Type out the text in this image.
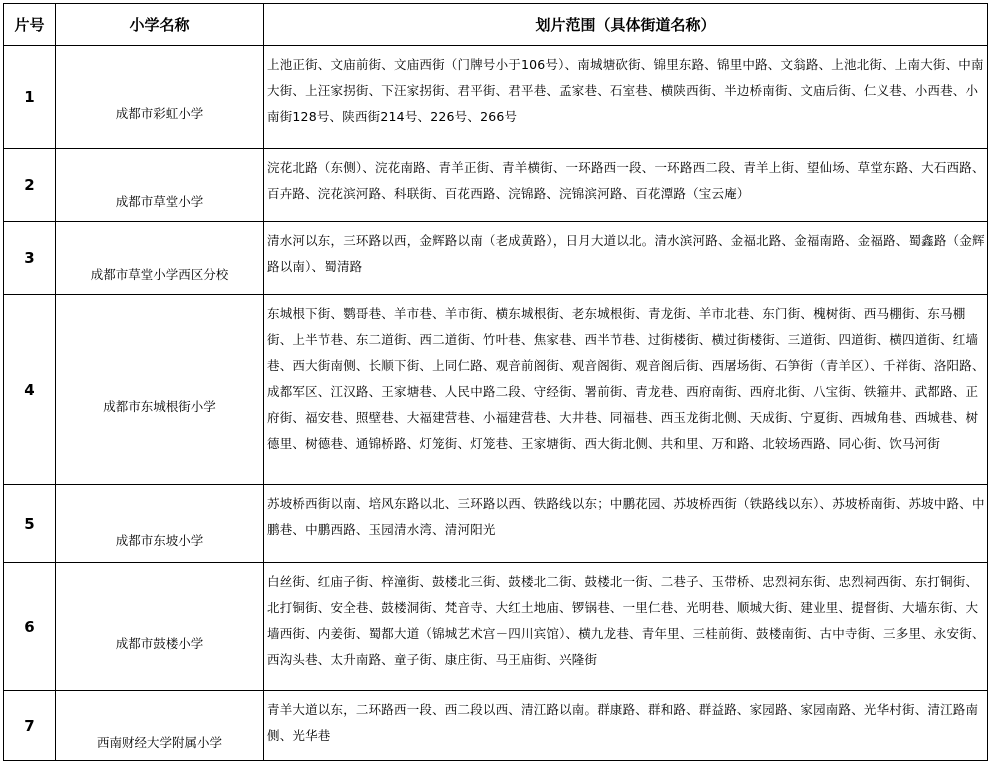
片号	小学名称	划片范围（具体街道名称）
1	成都市彩虹小学	上池正街、文庙前街、文庙西街（门牌号小于106号）、南城塘砍街、锦里东路、锦里中路、文翁路、上池北街、上南大街、中南大街、上汪家拐街、下汪家拐街、君平街、君平巷、孟家巷、石室巷、横陕西街、半边桥南街、文庙后街、仁义巷、小西巷、小南街128号、陕西街214号、226号、266号
2	成都市草堂小学	浣花北路（东侧）、浣花南路、青羊正街、青羊横街、一环路西一段、一环路西二段、青羊上街、望仙场、草堂东路、大石西路、百卉路、浣花滨河路、科联街、百花西路、浣锦路、浣锦滨河路、百花潭路（宝云庵）
3	成都市草堂小学西区分校	清水河以东，三环路以西，金辉路以南（老成黄路），日月大道以北。清水滨河路、金福北路、金福南路、金福路、蜀鑫路（金辉路以南）、蜀清路
4	成都市东城根街小学	东城根下街、鹦哥巷、羊市巷、羊市街、横东城根街、老东城根街、青龙街、羊市北巷、东门街、槐树街、西马棚街、东马棚街、上半节巷、东二道街、西二道街、竹叶巷、焦家巷、西半节巷、过街楼街、横过街楼街、三道街、四道街、横四道街、红墙巷、西大街南侧、长顺下街、上同仁路、观音前阁街、观音阁街、观音阁后街、西屠场街、石笋街（青羊区）、千祥街、洛阳路、成都军区、江汉路、王家塘巷、人民中路二段、守经街、署前街、青龙巷、西府南街、西府北街、八宝街、铁箍井、武都路、正府街、福安巷、照壁巷、大福建营巷、小福建营巷、大井巷、同福巷、西玉龙街北侧、天成街、宁夏街、西城角巷、西城巷、树德里、树德巷、通锦桥路、灯笼街、灯笼巷、王家塘街、西大街北侧、共和里、万和路、北较场西路、同心街、饮马河街
5	成都市东坡小学	苏坡桥西街以南、培风东路以北、三环路以西、铁路线以东；中鹏花园、苏坡桥西街（铁路线以东）、苏坡桥南街、苏坡中路、中鹏巷、中鹏西路、玉园清水湾、清河阳光
6	成都市鼓楼小学	白丝街、红庙子街、梓潼街、鼓楼北三街、鼓楼北二街、鼓楼北一街、二巷子、玉带桥、忠烈祠东街、忠烈祠西街、东打铜街、北打铜街、安全巷、鼓楼洞街、梵音寺、大红土地庙、锣锅巷、一里仁巷、光明巷、顺城大街、建业里、提督街、大墙东街、大墙西街、内姜街、蜀都大道（锦城艺术宫－四川宾馆）、横九龙巷、青年里、三桂前街、鼓楼南街、古中寺街、三多里、永安街、西沟头巷、太升南路、童子街、康庄街、马王庙街、兴隆街
7	西南财经大学附属小学	青羊大道以东，二环路西一段、西二段以西、清江路以南。群康路、群和路、群益路、家园路、家园南路、光华村街、清江路南侧、光华巷
